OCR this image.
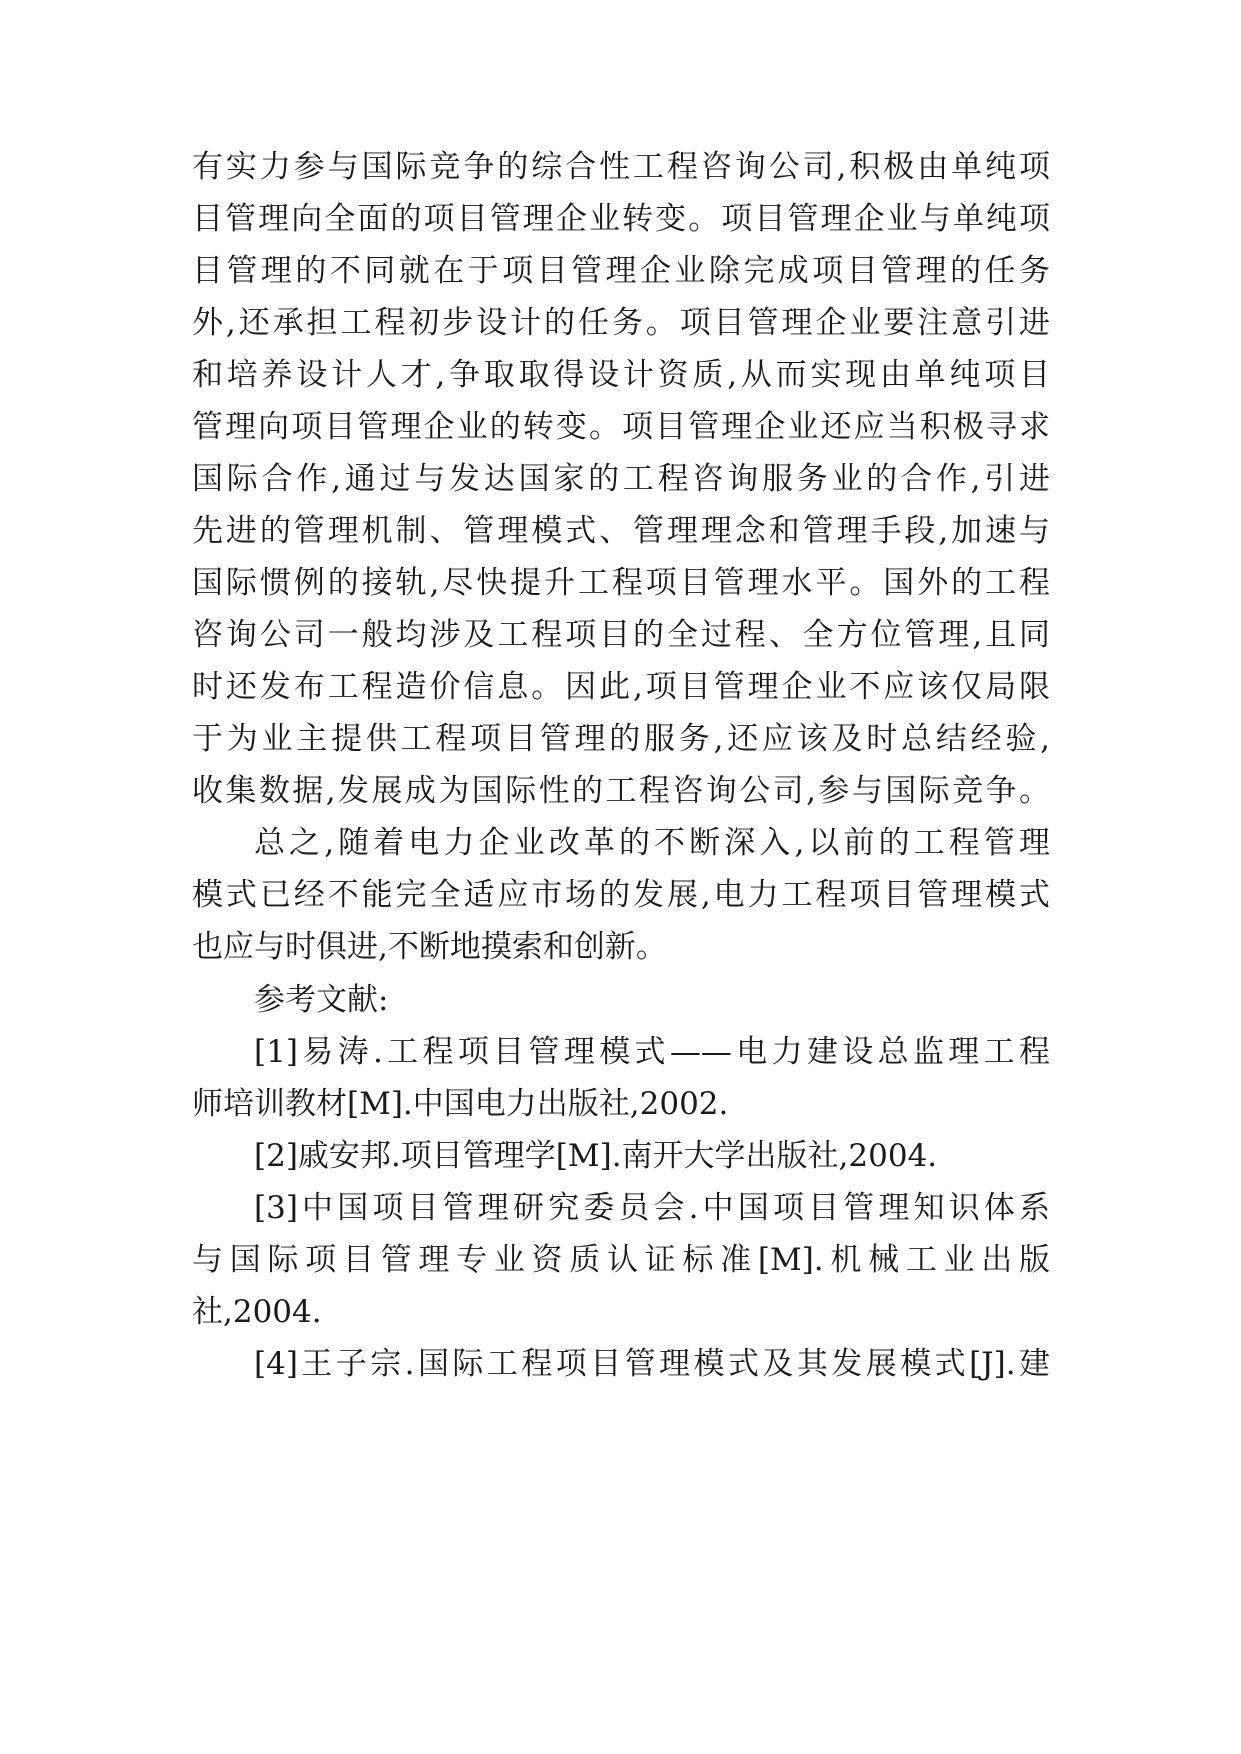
有实力参与国际竞争的综合性工程咨询公司,积极由单纯项
目管理向全面的项目管理企业转变。项目管理企业与单纯项
目管理的不同就在于项目管理企业除完成项目管理的任务
外,还承担工程初步设计的任务。项目管理企业要注意引进
和培养设计人才,争取取得设计资质,从而实现由单纯项目
管理向项目管理企业的转变。项目管理企业还应当积极寻求
国际合作,通过与发达国家的工程咨询服务业的合作,引进
先进的管理机制、管理模式、管理理念和管理手段,加速与
国际惯例的接轨,尽快提升工程项目管理水平。国外的工程
咨询公司一般均涉及工程项目的全过程、全方位管理,且同
时还发布工程造价信息。因此,项目管理企业不应该仅局限
于为业主提供工程项目管理的服务,还应该及时总结经验,
收集数据,发展成为国际性的工程咨询公司,参与国际竞争。
总之,随着电力企业改革的不断深入,以前的工程管理
模式已经不能完全适应市场的发展,电力工程项目管理模式
也应与时俱进,不断地摸索和创新。
参考文献:
[1]易涛.工程项目管理模式——电力建设总监理工程
师培训教材[M].中国电力出版社,2002.
[2]戚安邦.项目管理学[M].南开大学出版社,2004.
[3]中国项目管理研究委员会.中国项目管理知识体系
与国际项目管理专业资质认证标准[M].机械工业出版
社,2004.
[4]王子宗.国际工程项目管理模式及其发展模式[J].建
